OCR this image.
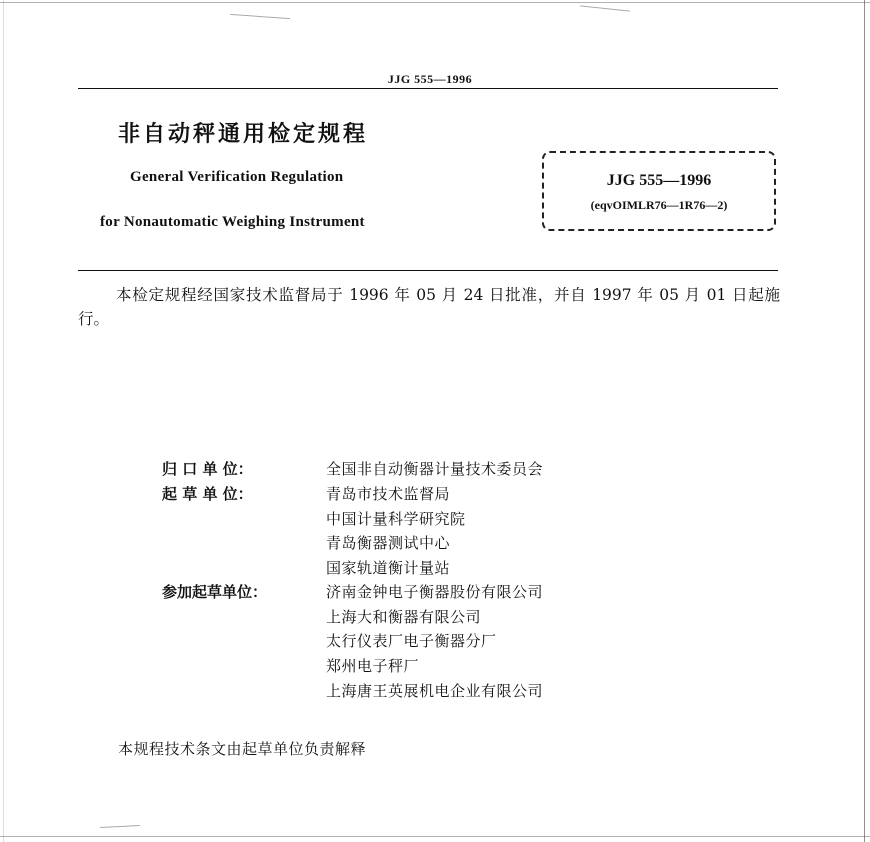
JJG 555—1996
非自动秤通用检定规程
General Verification Regulation
for Nonautomatic Weighing Instrument
JJG 555—1996
(eqvOIMLR76—1R76—2)
本检定规程经国家技术监督局于 1996 年 05 月 24 日批准，并自 1997 年 05 月 01 日起施行。
归 口 单 位：	全国非自动衡器计量技术委员会
起 草 单 位：	青岛市技术监督局
中国计量科学研究院
青岛衡器测试中心
国家轨道衡计量站
参加起草单位：	济南金钟电子衡器股份有限公司
上海大和衡器有限公司
太行仪表厂电子衡器分厂
郑州电子秤厂
上海唐王英展机电企业有限公司
本规程技术条文由起草单位负责解释
